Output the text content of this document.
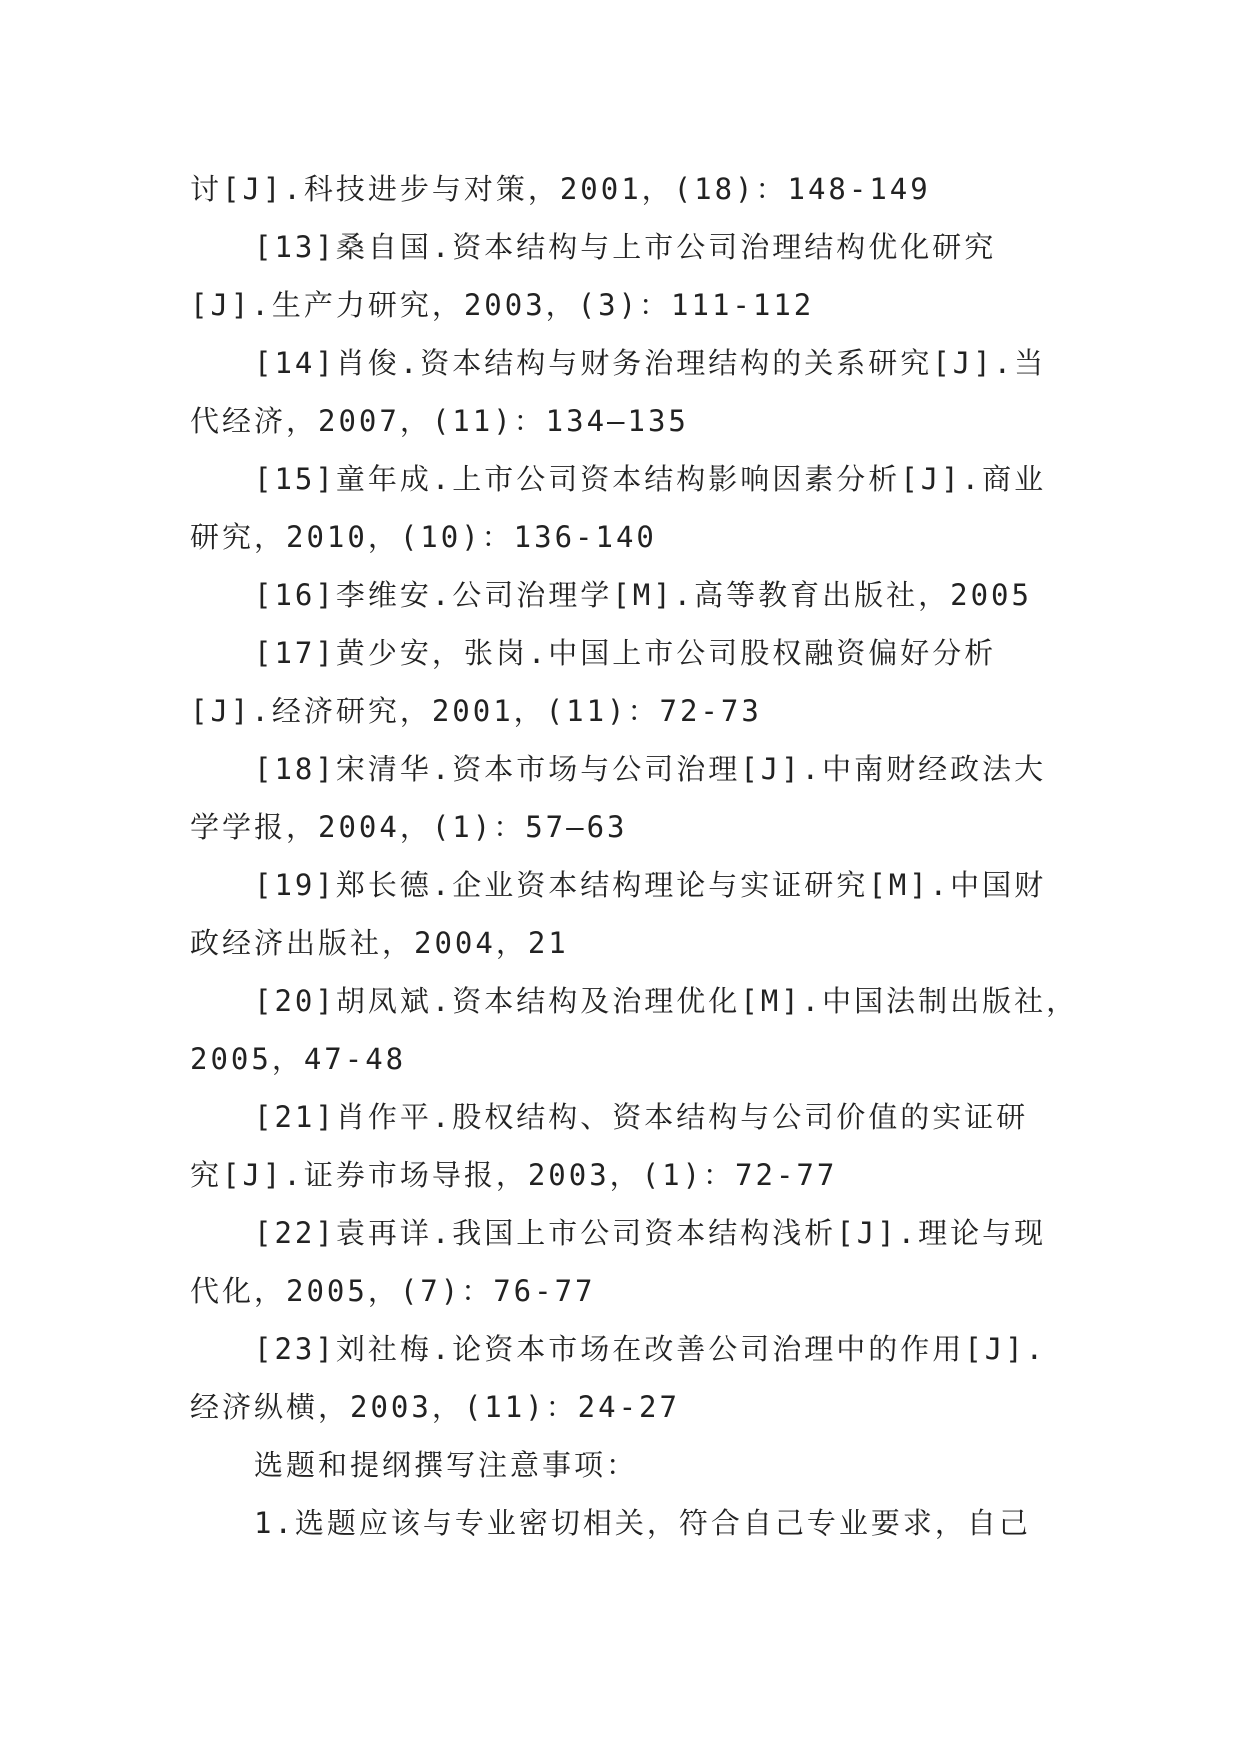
讨[J].科技进步与对策，2001，(18)：148-149
[13]桑自国.资本结构与上市公司治理结构优化研究
[J].生产力研究，2003，(3)：111-112
[14]肖俊.资本结构与财务治理结构的关系研究[J].当
代经济，2007，(11)：134—135
[15]童年成.上市公司资本结构影响因素分析[J].商业
研究，2010，(10)：136-140
[16]李维安.公司治理学[M].高等教育出版社，2005
[17]黄少安，张岗.中国上市公司股权融资偏好分析
[J].经济研究，2001，(11)：72-73
[18]宋清华.资本市场与公司治理[J].中南财经政法大
学学报，2004，(1)：57—63
[19]郑长德.企业资本结构理论与实证研究[M].中国财
政经济出版社，2004，21
[20]胡凤斌.资本结构及治理优化[M].中国法制出版社，
2005，47-48
[21]肖作平.股权结构、资本结构与公司价值的实证研
究[J].证券市场导报，2003，(1)：72-77
[22]袁再详.我国上市公司资本结构浅析[J].理论与现
代化，2005，(7)：76-77
[23]刘社梅.论资本市场在改善公司治理中的作用[J].
经济纵横，2003，(11)：24-27
选题和提纲撰写注意事项：
1.选题应该与专业密切相关，符合自己专业要求，自己
